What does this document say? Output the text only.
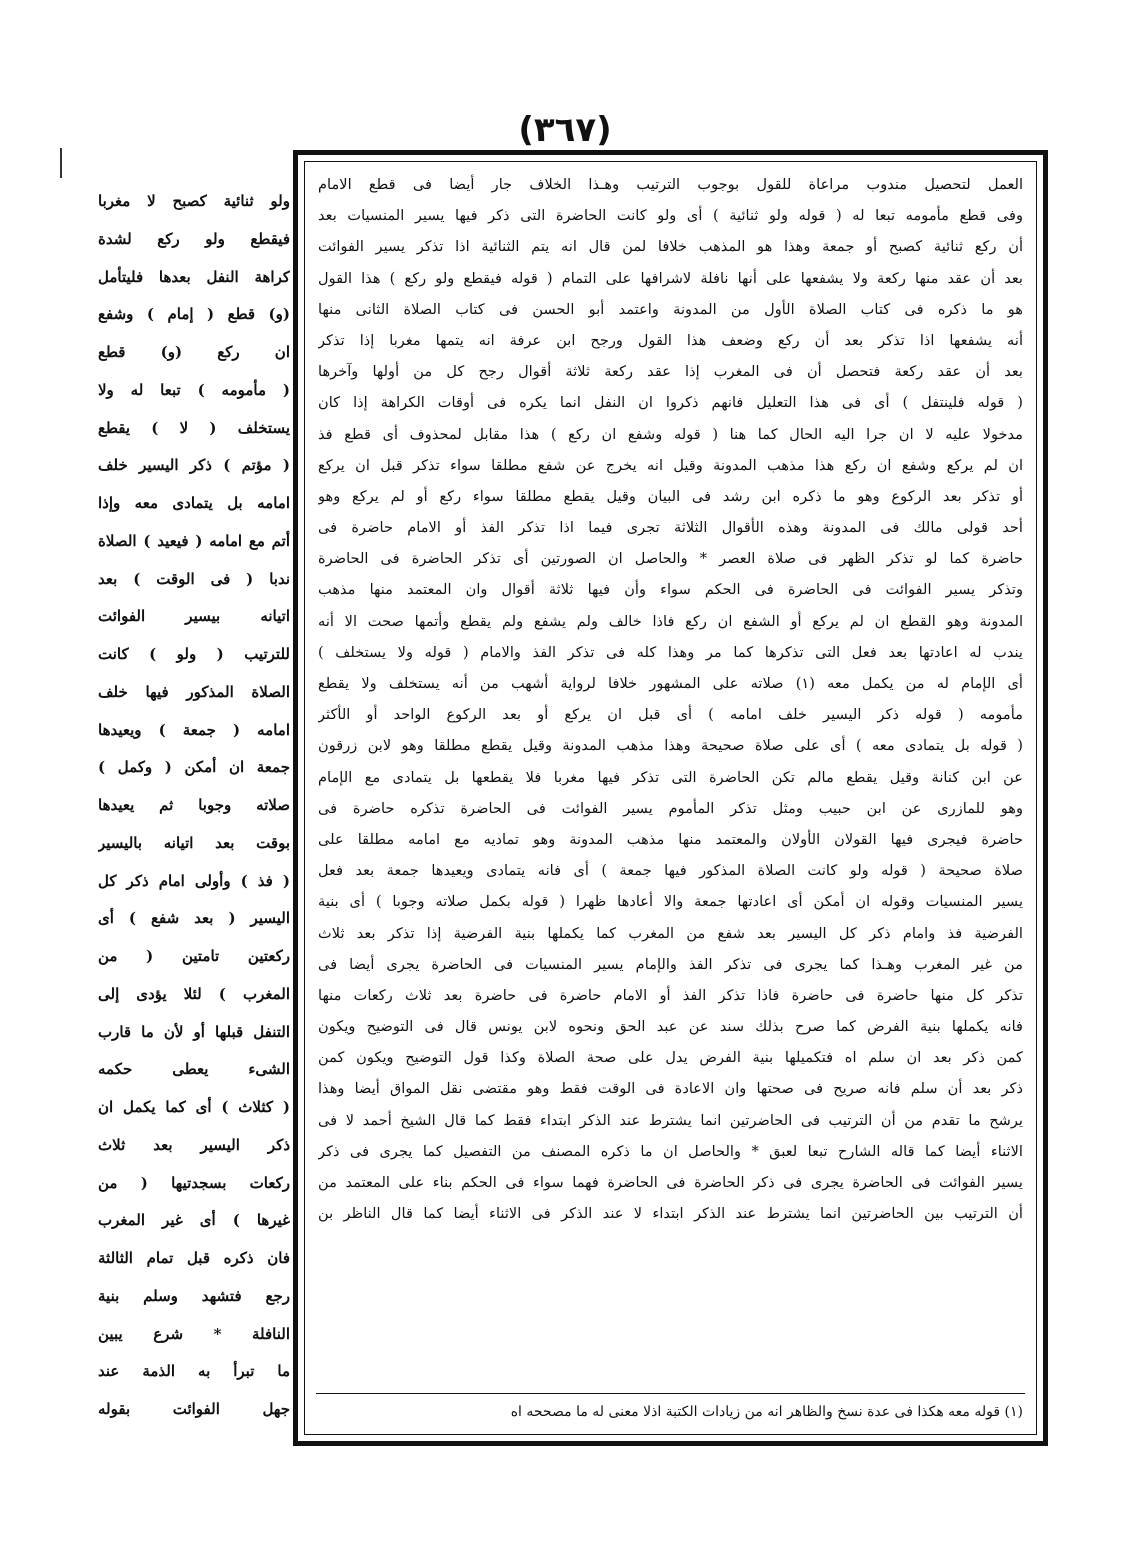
(٣٦٧)
العمل لتحصيل مندوب مراعاة للقول بوجوب الترتيب وهـذا الخلاف جار أيضا فى قطع الامام
وفى قطع مأمومه تبعا له ( قوله ولو ثنائية ) أى ولو كانت الحاضرة التى ذكر فيها يسير المنسيات بعد
أن ركع ثنائية كصبح أو جمعة وهذا هو المذهب خلافا لمن قال انه يتم الثنائية اذا تذكر يسير الفوائت
بعد أن عقد منها ركعة ولا يشفعها على أنها نافلة لاشرافها على التمام ( قوله فيقطع ولو ركع ) هذا القول
هو ما ذكره فى كتاب الصلاة الأول من المدونة واعتمد أبو الحسن فى كتاب الصلاة الثانى منها
أنه يشفعها اذا تذكر بعد أن ركع وضعف هذا القول ورجح ابن عرفة انه يتمها مغربا إذا تذكر
بعد أن عقد ركعة فتحصل أن فى المغرب إذا عقد ركعة ثلاثة أقوال رجح كل من أولها وآخرها
( قوله فلينتفل ) أى فى هذا التعليل فانهم ذكروا ان النفل انما يكره فى أوقات الكراهة إذا كان
مدخولا عليه لا ان جرا اليه الحال كما هنا ( قوله وشفع ان ركع ) هذا مقابل لمحذوف أى قطع فذ
ان لم يركع وشفع ان ركع هذا مذهب المدونة وقيل انه يخرج عن شفع مطلقا سواء تذكر قبل ان يركع
أو تذكر بعد الركوع وهو ما ذكره ابن رشد فى البيان وقيل يقطع مطلقا سواء ركع أو لم يركع وهو
أحد قولى مالك فى المدونة وهذه الأقوال الثلاثة تجرى فيما اذا تذكر الفذ أو الامام حاضرة فى
حاضرة كما لو تذكر الظهر فى صلاة العصر * والحاصل ان الصورتين أى تذكر الحاضرة فى الحاضرة
وتذكر يسير الفوائت فى الحاضرة فى الحكم سواء وأن فيها ثلاثة أقوال وان المعتمد منها مذهب
المدونة وهو القطع ان لم يركع أو الشفع ان ركع فاذا خالف ولم يشفع ولم يقطع وأتمها صحت الا أنه
يندب له اعادتها بعد فعل التى تذكرها كما مر وهذا كله فى تذكر الفذ والامام ( قوله ولا يستخلف )
أى الإمام له من يكمل معه (١) صلاته على المشهور خلافا لرواية أشهب من أنه يستخلف ولا يقطع
مأمومه ( قوله ذكر اليسير خلف امامه ) أى قبل ان يركع أو بعد الركوع الواحد أو الأكثر
( قوله بل يتمادى معه ) أى على صلاة صحيحة وهذا مذهب المدونة وقيل يقطع مطلقا وهو لابن زرقون
عن ابن كنانة وقيل يقطع مالم تكن الحاضرة التى تذكر فيها مغربا فلا يقطعها بل يتمادى مع الإمام
وهو للمازرى عن ابن حبيب ومثل تذكر المأموم يسير الفوائت فى الحاضرة تذكره حاضرة فى
حاضرة فيجرى فيها القولان الأولان والمعتمد منها مذهب المدونة وهو تماديه مع امامه مطلقا على
صلاة صحيحة ( قوله ولو كانت الصلاة المذكور فيها جمعة ) أى فانه يتمادى ويعيدها جمعة بعد فعل
يسير المنسيات وقوله ان أمكن أى اعادتها جمعة والا أعادها ظهرا ( قوله بكمل صلاته وجوبا ) أى بنية
الفرضية فذ وامام ذكر كل اليسير بعد شفع من المغرب كما يكملها بنية الفرضية إذا تذكر بعد ثلاث
من غير المغرب وهـذا كما يجرى فى تذكر الفذ والإمام يسير المنسيات فى الحاضرة يجرى أيضا فى
تذكر كل منها حاضرة فى حاضرة فاذا تذكر الفذ أو الامام حاضرة فى حاضرة بعد ثلاث ركعات منها
فانه يكملها بنية الفرض كما صرح بذلك سند عن عبد الحق ونحوه لابن يونس قال فى التوضيح ويكون
كمن ذكر بعد ان سلم اه فتكميلها بنية الفرض يدل على صحة الصلاة وكذا قول التوضيح ويكون كمن
ذكر بعد أن سلم فانه صريح فى صحتها وان الاعادة فى الوقت فقط وهو مقتضى نقل المواق أيضا وهذا
يرشح ما تقدم من أن الترتيب فى الحاضرتين انما يشترط عند الذكر ابتداء فقط كما قال الشيخ أحمد لا فى
الاثناء أيضا كما قاله الشارح تبعا لعبق * والحاصل ان ما ذكره المصنف من التفصيل كما يجرى فى ذكر
يسير الفوائت فى الحاضرة يجرى فى ذكر الحاضرة فى الحاضرة فهما سواء فى الحكم بناء على المعتمد من
أن الترتيب بين الحاضرتين انما يشترط عند الذكر ابتداء لا عند الذكر فى الاثناء أيضا كما قال الناظر بن
(١) قوله معه هكذا فى عدة نسخ والظاهر انه من زيادات الكتبة اذلا معنى له ما مصححه اه
ولو ثنائية كصبح لا مغربا
فيقطع ولو ركع لشدة
كراهة النفل بعدها فليتأمل
(و) قطع ( إمام ) وشفع
ان ركع (و) قطع
( مأمومه ) تبعا له ولا
يستخلف ( لا ) يقطع
( مؤتم ) ذكر اليسير خلف
امامه بل يتمادى معه وإذا
أتم مع امامه ( فيعيد ) الصلاة
ندبا ( فى الوقت ) بعد
اتيانه بيسير الفوائت
للترتيب ( ولو ) كانت
الصلاة المذكور فيها خلف
امامه ( جمعة ) ويعيدها
جمعة ان أمكن ( وكمل )
صلاته وجوبا ثم يعيدها
بوقت بعد اتيانه باليسير
( فذ ) وأولى امام ذكر كل
اليسير ( بعد شفع ) أى
ركعتين تامتين ( من
المغرب ) لئلا يؤدى إلى
التنفل قبلها أو لأن ما قارب
الشىء يعطى حكمه
( كثلاث ) أى كما يكمل ان
ذكر اليسير بعد ثلاث
ركعات بسجدتيها ( من
غيرها ) أى غير المغرب
فان ذكره قبل تمام الثالثة
رجع فتشهد وسلم بنية
النافلة * شرع يبين
ما تبرأ به الذمة عند
جهل الفوائت بقوله
